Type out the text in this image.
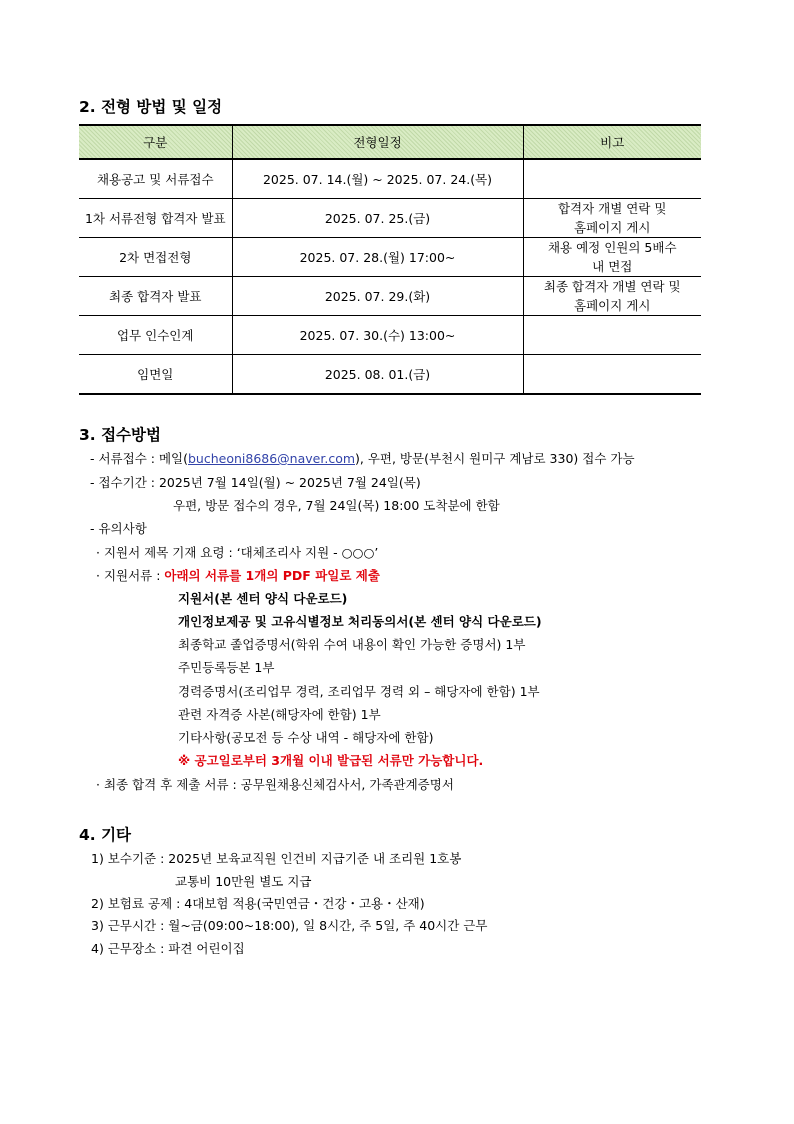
2. 전형 방법 및 일정
구분	전형일정	비고
채용공고 및 서류접수	2025. 07. 14.(월) ~ 2025. 07. 24.(목)	

1차 서류전형 합격자 발표	2025. 07. 25.(금)	합격자 개별 연락 및
홈페이지 게시

2차 면접전형	2025. 07. 28.(월) 17:00~	채용 예정 인원의 5배수
내 면접

최종 합격자 발표	2025. 07. 29.(화)	최종 합격자 개별 연락 및
홈페이지 게시

업무 인수인계	2025. 07. 30.(수) 13:00~	

임면일	2025. 08. 01.(금)	
3. 접수방법
- 서류접수 : 메일(bucheoni8686@naver.com), 우편, 방문(부천시 원미구 계남로 330) 접수 가능
- 접수기간 : 2025년 7월 14일(월) ~ 2025년 7월 24일(목)
우편, 방문 접수의 경우, 7월 24일(목) 18:00 도착분에 한함
- 유의사항
· 지원서 제목 기재 요령 : ‘대체조리사 지원 - ○○○’
· 지원서류 : 아래의 서류를 1개의 PDF 파일로 제출
지원서(본 센터 양식 다운로드)
개인정보제공 및 고유식별정보 처리동의서(본 센터 양식 다운로드)
최종학교 졸업증명서(학위 수여 내용이 확인 가능한 증명서) 1부
주민등록등본 1부
경력증명서(조리업무 경력, 조리업무 경력 외 – 해당자에 한함) 1부
관련 자격증 사본(해당자에 한함) 1부
기타사항(공모전 등 수상 내역 - 해당자에 한함)
※ 공고일로부터 3개월 이내 발급된 서류만 가능합니다.
· 최종 합격 후 제출 서류 : 공무원채용신체검사서, 가족관계증명서
4. 기타
1) 보수기준 : 2025년 보육교직원 인건비 지급기준 내 조리원 1호봉
교통비 10만원 별도 지급
2) 보험료 공제 : 4대보험 적용(국민연금・건강・고용・산재)
3) 근무시간 : 월~금(09:00~18:00), 일 8시간, 주 5일, 주 40시간 근무
4) 근무장소 : 파견 어린이집
